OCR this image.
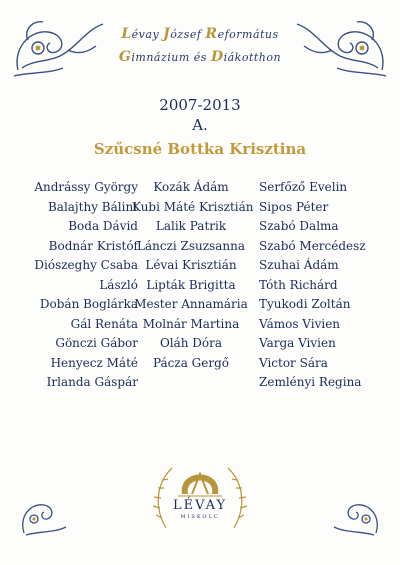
Lévay József Református
Gimnázium és Diákotthon
2007-2013
A.
Szűcsné Bottka Krisztina
Andrássy György
Balajthy Bálint
Boda Dávid
Bodnár Kristóf
Diószeghy Csaba
László
Dobán Boglárka
Gál Renáta
Gönczi Gábor
Henyecz Máté
Irlanda Gáspár
Kozák Ádám
Kubi Máté Krisztián
Lalik Patrik
Lánczi Zsuzsanna
Lévai Krisztián
Lipták Brigitta
Mester Annamária
Molnár Martina
Oláh Dóra
Pácza Gergő
Serfőző Evelin
Sipos Péter
Szabó Dalma
Szabó Mercédesz
Szuhai Ádám
Tóth Richárd
Tyukodi Zoltán
Vámos Vivien
Varga Vivien
Victor Sára
Zemlényi Regina
LÉVAY
MISKOLC
